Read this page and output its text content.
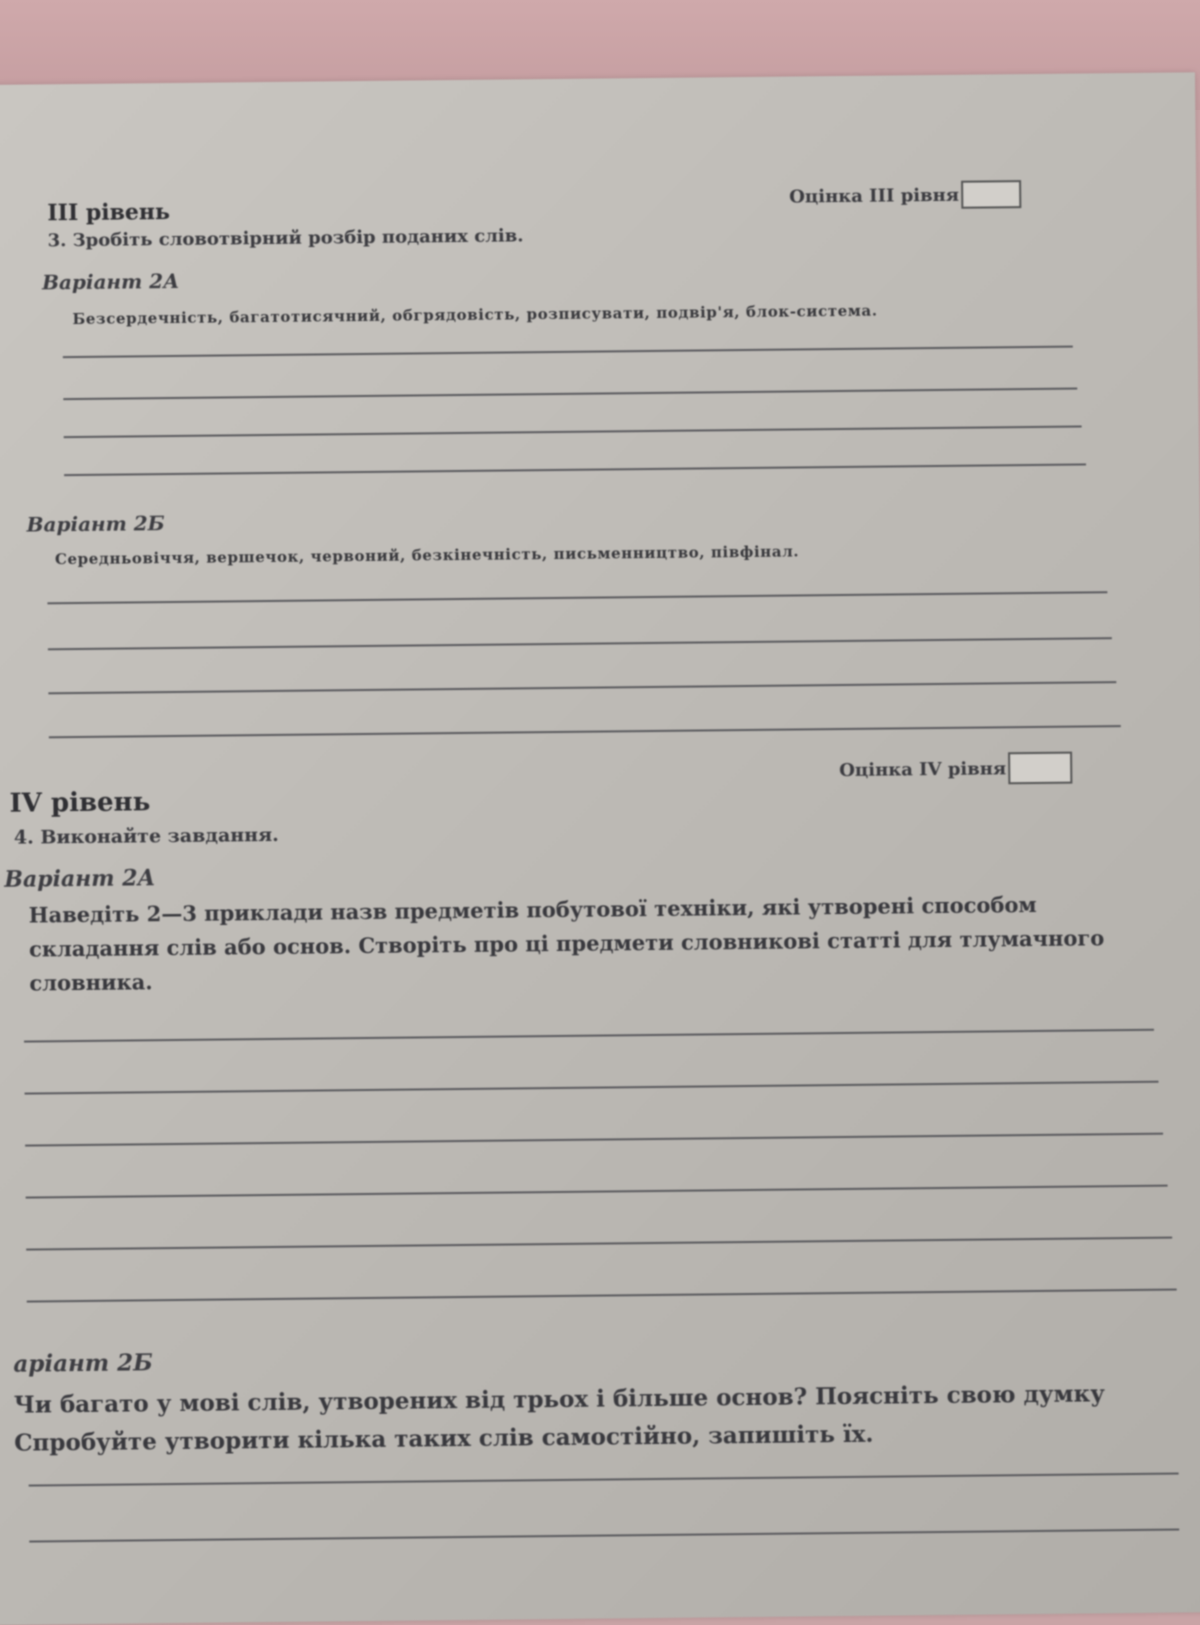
ІІІ рівень
Оцінка ІІІ рівня
3. Зробіть словотвірний розбір поданих слів.
Варіант 2А
Безсердечність, багатотисячний, обгрядовість, розписувати, подвір'я, блок-система.
Варіант 2Б
Середньовіччя, вершечок, червоний, безкінечність, письменництво, півфінал.
IV рівень
Оцінка IV рівня
4. Виконайте завдання.
Варіант 2А
Наведіть 2—3 приклади назв предметів побутової техніки, які утворені способом
складання слів або основ. Створіть про ці предмети словникові статті для тлумачного
словника.
аріант 2Б
Чи багато у мові слів, утворених від трьох і більше основ? Поясніть свою думку
Спробуйте утворити кілька таких слів самостійно, запишіть їх.
